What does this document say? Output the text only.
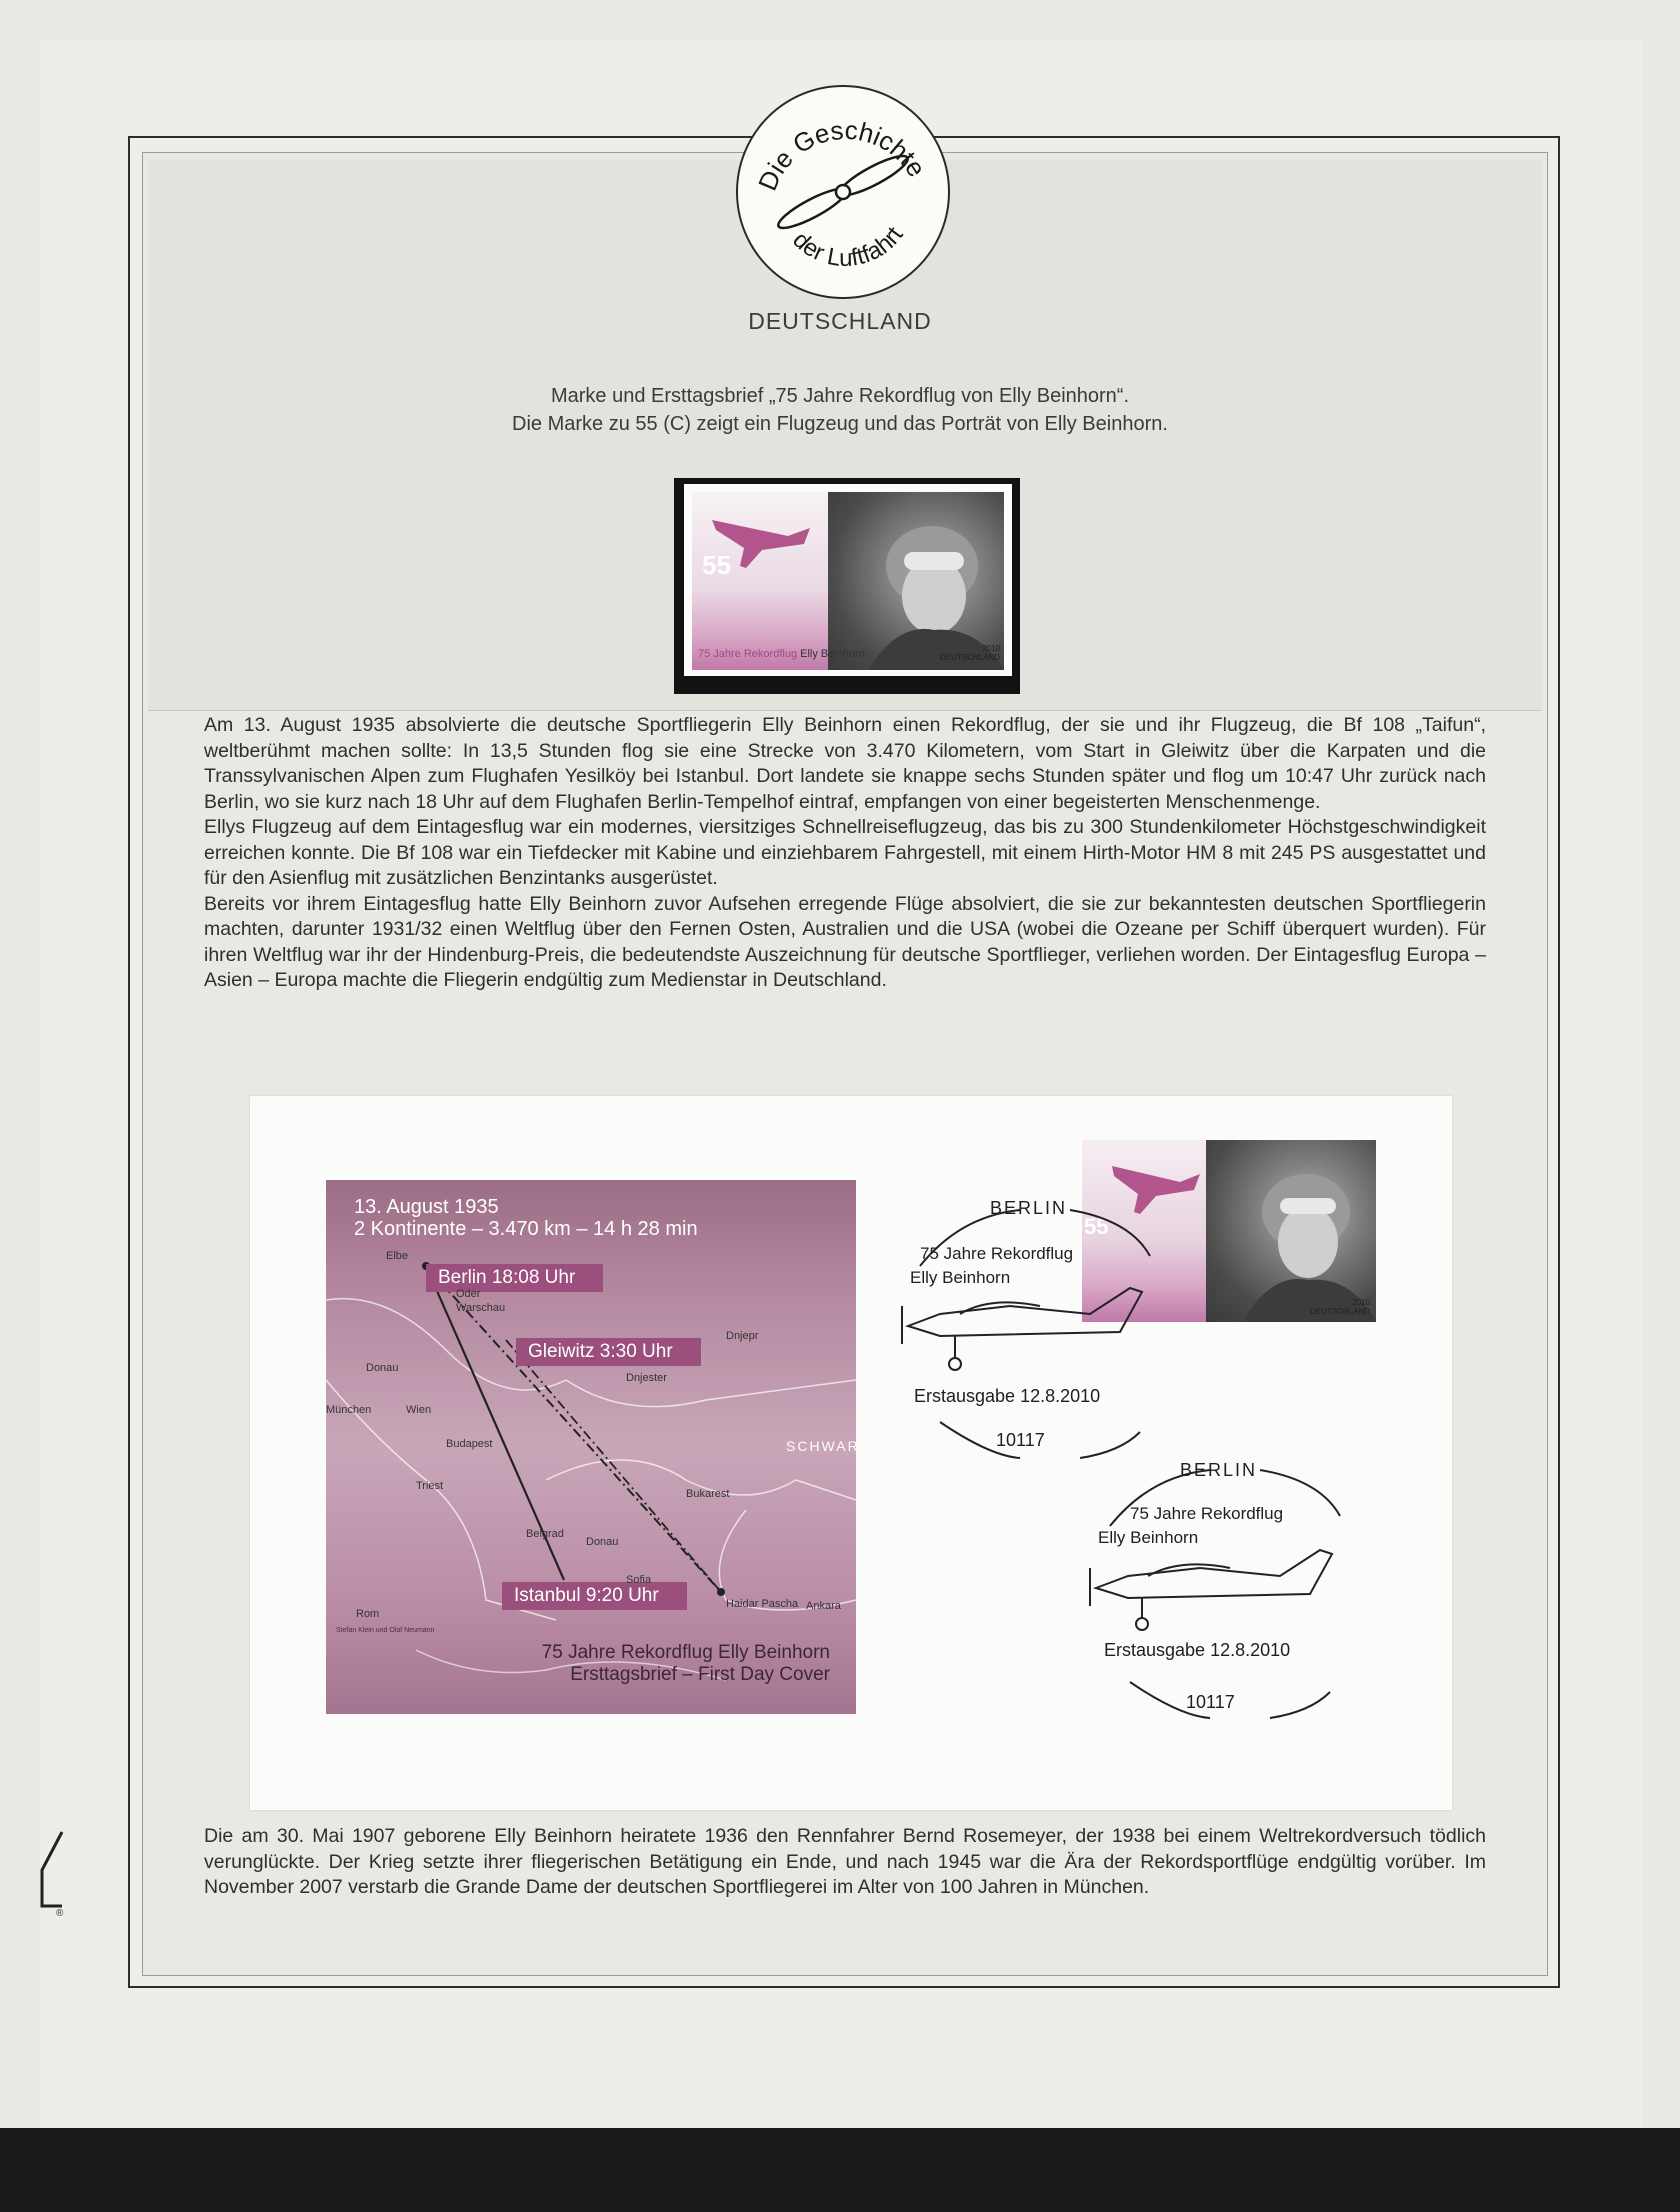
Die Geschichte
der Luftfahrt
DEUTSCHLAND
Marke und Ersttagsbrief „75 Jahre Rekordflug von Elly Beinhorn“.
Die Marke zu 55 (C) zeigt ein Flugzeug und das Porträt von Elly Beinhorn.
55
75 Jahre Rekordflug Elly Beinhorn	2010
DEUTSCHLAND

Am 13. August 1935 absolvierte die deutsche Sportfliegerin Elly Beinhorn einen Rekordflug, der sie und ihr Flugzeug, die Bf 108 „Taifun“, weltberühmt machen sollte: In 13,5 Stunden flog sie eine Strecke von 3.470 Kilometern, vom Start in Gleiwitz über die Karpaten und die Transsylvanischen Alpen zum Flughafen Yesilköy bei Istanbul. Dort landete sie knappe sechs Stunden später und flog um 10:47 Uhr zurück nach Berlin, wo sie kurz nach 18 Uhr auf dem Flughafen Berlin-Tempelhof eintraf, empfangen von einer begeisterten Menschenmenge.

Ellys Flugzeug auf dem Eintagesflug war ein modernes, viersitziges Schnellreiseflugzeug, das bis zu 300 Stundenkilometer Höchstgeschwindigkeit erreichen konnte. Die Bf 108 war ein Tiefdecker mit Kabine und einziehbarem Fahrgestell, mit einem Hirth-Motor HM 8 mit 245 PS ausgestattet und für den Asienflug mit zusätzlichen Benzintanks ausgerüstet.

Bereits vor ihrem Eintagesflug hatte Elly Beinhorn zuvor Aufsehen erregende Flüge absolviert, die sie zur bekanntesten deutschen Sportfliegerin machten, darunter 1931/32 einen Weltflug über den Fernen Osten, Australien und die USA (wobei die Ozeane per Schiff überquert wurden). Für ihren Weltflug war ihr der Hindenburg-Preis, die bedeutendste Auszeichnung für deutsche Sportflieger, verliehen worden. Der Eintagesflug Europa – Asien – Europa machte die Fliegerin endgültig zum Medienstar in Deutschland.

13. August 1935
2 Kontinente – 3.470 km – 14 h 28 min
Berlin 18:08 Uhr
Gleiwitz 3:30 Uhr
Istanbul 9:20 Uhr
Elbe
Oder
Warschau
Dnjepr
Dnjester
Donau
München	Wien
Budapest
Triest
Belgrad
Bukarest
Donau
SCHWARZ
Sofia
Rom
Haidar Pascha Ankara
Stefan Klein und Olaf Neumann
75 Jahre Rekordflug Elly Beinhorn
Ersttagsbrief – First Day Cover
55
2010
DEUTSCHLAND
BERLIN
75 Jahre Rekordflug
Elly Beinhorn
Erstausgabe 12.8.2010
10117
BERLIN
75 Jahre Rekordflug
Elly Beinhorn
Erstausgabe 12.8.2010
10117
Die am 30. Mai 1907 geborene Elly Beinhorn heiratete 1936 den Rennfahrer Bernd Rosemeyer, der 1938 bei einem Weltrekordversuch tödlich verunglückte. Der Krieg setzte ihrer fliegerischen Betätigung ein Ende, und nach 1945 war die Ära der Rekordsportflüge endgültig vorüber. Im November 2007 verstarb die Grande Dame der deutschen Sportfliegerei im Alter von 100 Jahren in München.
®
